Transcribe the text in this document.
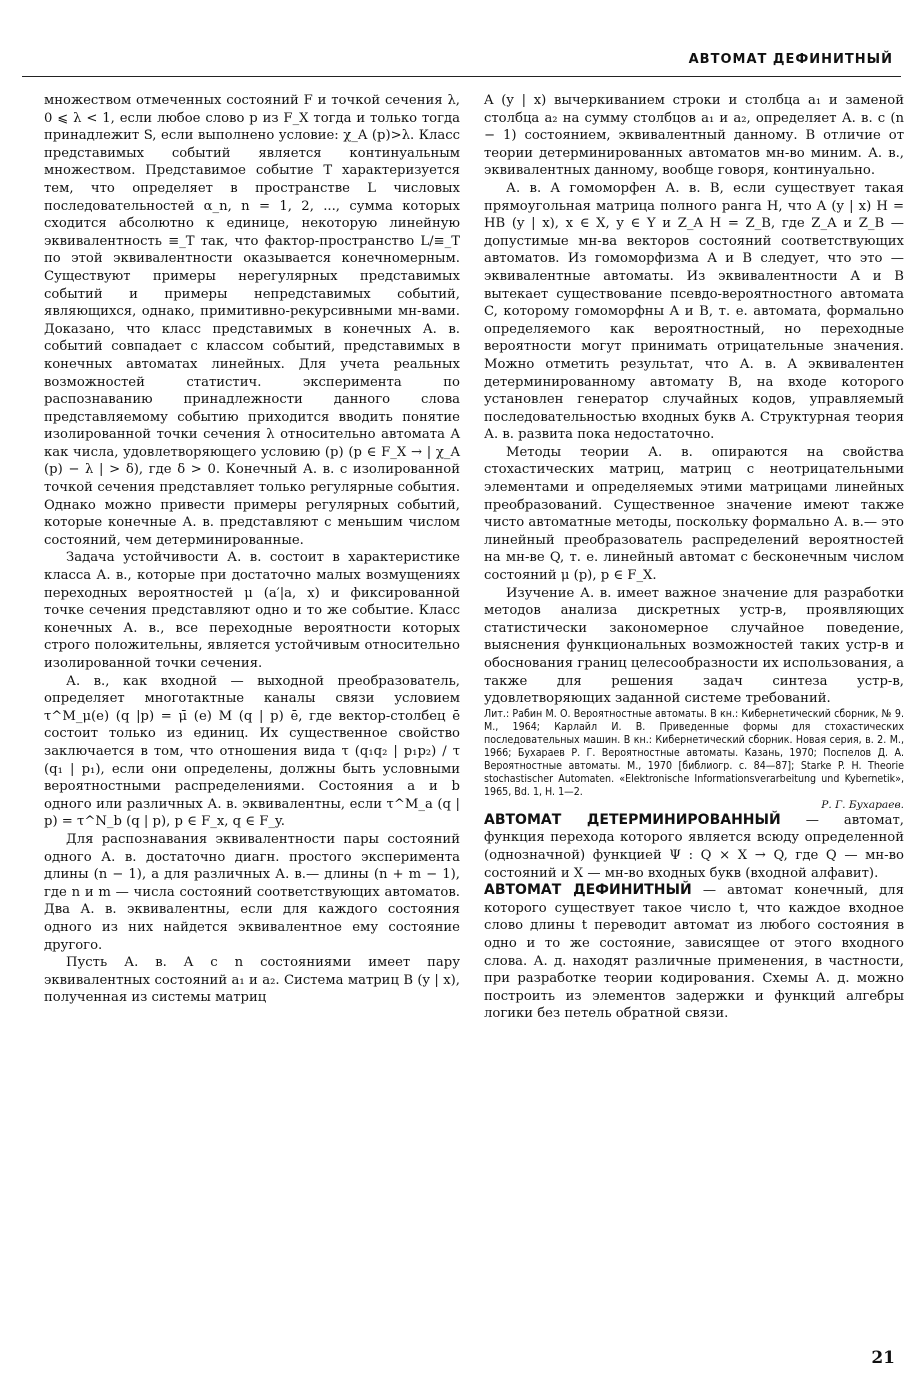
АВТОМАТ ДЕФИНИТНЫЙ

множеством отмеченных состояний F и точкой сечения λ, 0 ⩽ λ < 1, если любое слово p из F_X тогда и только тогда принадлежит S, если выполнено условие: χ_A (p)>λ. Класс представимых событий является континуальным множеством. Представимое событие T характеризуется тем, что определяет в пространстве L числовых последовательностей α_n, n = 1, 2, ..., сумма которых сходится абсолютно к единице, некоторую линейную эквивалентность ≡_T так, что фактор-пространство L/≡_T по этой эквивалентности оказывается конечномерным. Существуют примеры нерегулярных представимых событий и примеры непредставимых событий, являющихся, однако, примитивно-рекурсивными мн-вами. Доказано, что класс представимых в конечных А. в. событий совпадает с классом событий, представимых в конечных автоматах линейных. Для учета реальных возможностей статистич. эксперимента по распознаванию принадлежности данного слова представляемому событию приходится вводить понятие изолированной точки сечения λ относительно автомата A как числа, удовлетворяющего условию (p) (p ∈ F_X → | χ_A (p) − λ | > δ), где δ > 0. Конечный А. в. с изолированной точкой сечения представляет только регулярные события. Однако можно привести примеры регулярных событий, которые конечные А. в. представляют с меньшим числом состояний, чем детерминированные.

Задача устойчивости А. в. состоит в характеристике класса А. в., которые при достаточно малых возмущениях переходных вероятностей μ (a′|a, x) и фиксированной точке сечения представляют одно и то же событие. Класс конечных А. в., все переходные вероятности которых строго положительны, является устойчивым относительно изолированной точки сечения.

А. в., как входной — выходной преобразователь, определяет многотактные каналы связи условием τ^M_μ(e) (q |p) = μ̄ (e) M (q | p) ē, где вектор-столбец ē состоит только из единиц. Их существенное свойство заключается в том, что отношения вида τ (q₁q₂ | p₁p₂) / τ (q₁ | p₁), если они определены, должны быть условными вероятностными распределениями. Состояния a и b одного или различных А. в. эквивалентны, если τ^M_a (q | p) = τ^N_b (q | p), p ∈ F_x, q ∈ F_y.

Для распознавания эквивалентности пары состояний одного А. в. достаточно диагн. простого эксперимента длины (n − 1), а для различных А. в.— длины (n + m − 1), где n и m — числа состояний соответствующих автоматов. Два А. в. эквивалентны, если для каждого состояния одного из них найдется эквивалентное ему состояние другого.

Пусть А. в. A с n состояниями имеет пару эквивалентных состояний a₁ и a₂. Система матриц B (y | x), полученная из системы матриц

A (y | x) вычеркиванием строки и столбца a₁ и заменой столбца a₂ на сумму столбцов a₁ и a₂, определяет А. в. с (n − 1) состоянием, эквивалентный данному. В отличие от теории детерминированных автоматов мн-во миним. А. в., эквивалентных данному, вообще говоря, континуально.

А. в. A гомоморфен А. в. B, если существует такая прямоугольная матрица полного ранга H, что A (y | x) H = HB (y | x), x ∈ X, y ∈ Y и Z_A H = Z_B, где Z_A и Z_B — допустимые мн-ва векторов состояний соответствующих автоматов. Из гомоморфизма A и B следует, что это — эквивалентные автоматы. Из эквивалентности A и B вытекает существование псевдо-вероятностного автомата C, которому гомоморфны A и B, т. е. автомата, формально определяемого как вероятностный, но переходные вероятности могут принимать отрицательные значения. Можно отметить результат, что А. в. A эквивалентен детерминированному автомату B, на входе которого установлен генератор случайных кодов, управляемый последовательностью входных букв A. Структурная теория А. в. развита пока недостаточно.

Методы теории А. в. опираются на свойства стохастических матриц, матриц с неотрицательными элементами и определяемых этими матрицами линейных преобразований. Существенное значение имеют также чисто автоматные методы, поскольку формально А. в.— это линейный преобразователь распределений вероятностей на мн-ве Q, т. е. линейный автомат с бесконечным числом состояний μ (p), p ∈ F_X.

Изучение А. в. имеет важное значение для разработки методов анализа дискретных устр-в, проявляющих статистически закономерное случайное поведение, выяснения функциональных возможностей таких устр-в и обоснования границ целесообразности их использования, а также для решения задач синтеза устр-в, удовлетворяющих заданной системе требований.

Лит.: Рабин М. О. Вероятностные автоматы. В кн.: Кибернетический сборник, № 9. М., 1964; Карлайл И. В. Приведенные формы для стохастических последовательных машин. В кн.: Кибернетический сборник. Новая серия, в. 2. М., 1966; Бухараев Р. Г. Вероятностные автоматы. Казань, 1970; Поспелов Д. А. Вероятностные автоматы. М., 1970 [библиогр. с. 84—87]; Starke P. H. Theorie stochastischer Automaten. «Elektronische Informationsverarbeitung und Kybernetik», 1965, Bd. 1, H. 1—2.

Р. Г. Бухараев.

АВТОМАТ ДЕТЕРМИНИРОВАННЫЙ — автомат, функция перехода которого является всюду определенной (однозначной) функцией Ψ : Q × X → Q, где Q — мн-во состояний и X — мн-во входных букв (входной алфавит).

АВТОМАТ ДЕФИНИТНЫЙ — автомат конечный, для которого существует такое число t, что каждое входное слово длины t переводит автомат из любого состояния в одно и то же состояние, зависящее от этого входного слова. А. д. находят различные применения, в частности, при разработке теории кодирования. Схемы А. д. можно построить из элементов задержки и функций алгебры логики без петель обратной связи.

21
